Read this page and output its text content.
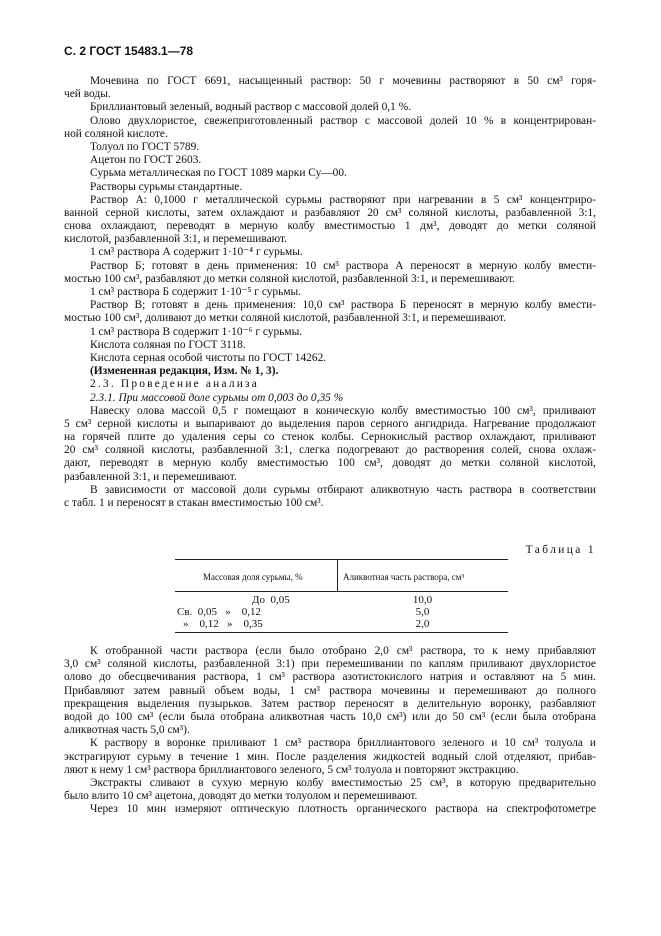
С. 2 ГОСТ 15483.1—78
Мочевина по ГОСТ 6691, насыщенный раствор: 50 г мочевины растворяют в 50 см³ горя-
чей воды.
Бриллиантовый зеленый, водный раствор с массовой долей 0,1 %.
Олово двухлористое, свежеприготовленный раствор с массовой долей 10 % в концентрирован-
ной соляной кислоте.
Толуол по ГОСТ 5789.
Ацетон по ГОСТ 2603.
Сурьма металлическая по ГОСТ 1089 марки Су—00.
Растворы сурьмы стандартные.
Раствор А: 0,1000 г металлической сурьмы растворяют при нагревании в 5 см³ концентриро-
ванной серной кислоты, затем охлаждают и разбавляют 20 см³ соляной кислоты, разбавленной 3:1,
снова охлаждают, переводят в мерную колбу вместимостью 1 дм³, доводят до метки соляной
кислотой, разбавленной 3:1, и перемешивают.
1 см³ раствора А содержит 1·10⁻⁴ г сурьмы.
Раствор Б; готовят в день применения: 10 см³ раствора А переносят в мерную колбу вмести-
мостью 100 см³, разбавляют до метки соляной кислотой, разбавленной 3:1, и перемешивают.
1 см³ раствора Б содержит 1·10⁻⁵ г сурьмы.
Раствор В; готовят в день применения: 10,0 см³ раствора Б переносят в мерную колбу вмести-
мостью 100 см³, доливают до метки соляной кислотой, разбавленной 3:1, и перемешивают.
1 см³ раствора В содержит 1·10⁻⁶ г сурьмы.
Кислота соляная по ГОСТ 3118.
Кислота серная особой чистоты по ГОСТ 14262.
(Измененная редакция, Изм. № 1, 3).
2.3. Проведение анализа
2.3.1. При массовой доле сурьмы от 0,003 до 0,35 %
Навеску олова массой 0,5 г помещают в коническую колбу вместимостью 100 см³, приливают
5 см³ серной кислоты и выпаривают до выделения паров серного ангидрида. Нагревание продолжают
на горячей плите до удаления серы со стенок колбы. Сернокислый раствор охлаждают, приливают
20 см³ соляной кислоты, разбавленной 3:1, слегка подогревают до растворения солей, снова охлаж-
дают, переводят в мерную колбу вместимостью 100 см³, доводят до метки соляной кислотой,
разбавленной 3:1, и перемешивают.
В зависимости от массовой доли сурьмы отбирают аликвотную часть раствора в соответствии
с табл. 1 и переносят в стакан вместимостью 100 см³.
Таблица 1
Массовая доля сурьмы, %	Аликвотная часть раствора, см³
До  0,05	10,0
Св.  0,05   »    0,12	5,0
»    0,12   »    0,35	2,0
К отобранной части раствора (если было отобрано 2,0 см³ раствора, то к нему прибавляют
3,0 см³ соляной кислоты, разбавленной 3:1) при перемешивании по каплям приливают двухлористое
олово до обесцвечивания раствора, 1 см³ раствора азотистокислого натрия и оставляют на 5 мин.
Прибавляют затем равный объем воды, 1 см³ раствора мочевины и перемешивают до полного
прекращения выделения пузырьков. Затем раствор переносят в делительную воронку, разбавляют
водой до 100 см³ (если была отобрана аликвотная часть 10,0 см³) или до 50 см³ (если была отобрана
аликвотная часть 5,0 см³).
К раствору в воронке приливают 1 см³ раствора бриллиантового зеленого и 10 см³ толуола и
экстрагируют сурьму в течение 1 мин. После разделения жидкостей водный слой отделяют, прибав-
ляют к нему 1 см³ раствора бриллиантового зеленого, 5 см³ толуола и повторяют экстракцию.
Экстракты сливают в сухую мерную колбу вместимостью 25 см³, в которую предварительно
было влито 10 см³ ацетона, доводят до метки толуолом и перемешивают.
Через 10 мин измеряют оптическую плотность органического раствора на спектрофотометре
